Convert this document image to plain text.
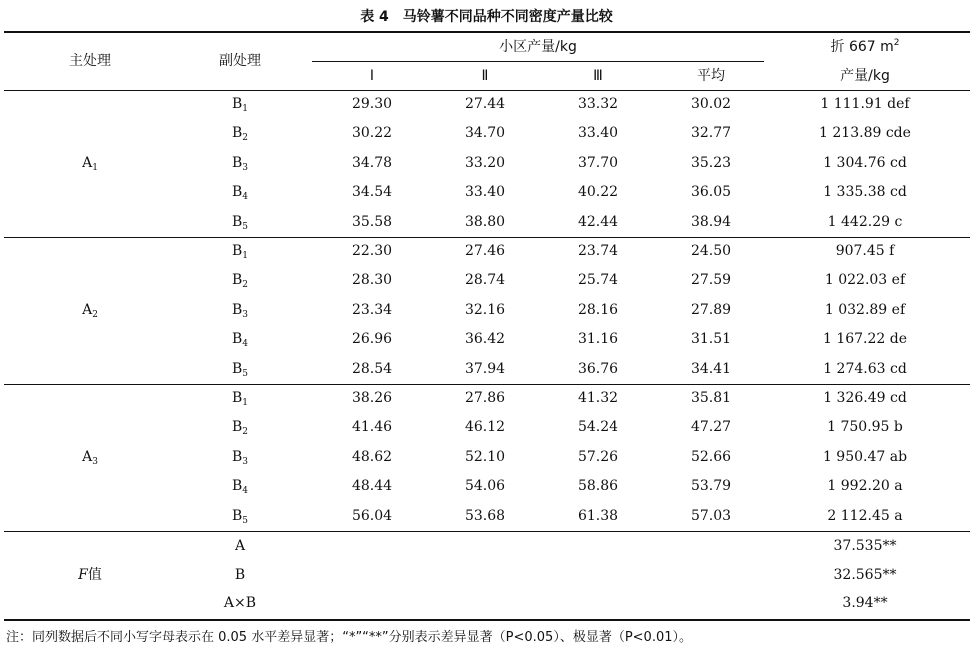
表 4　马铃薯不同品种不同密度产量比较
主处理	副处理
小区产量/kg
Ⅰ	Ⅱ	Ⅲ	平均
折 667 $m^2$
产量/kg
$A_1$
$B_1$	29.30	27.44	33.32	30.02	1 111.91 def
$B_2$	30.22	34.70	33.40	32.77	1 213.89 cde
$B_3$	34.78	33.20	37.70	35.23	1 304.76 cd
$B_4$	34.54	33.40	40.22	36.05	1 335.38 cd
$B_5$	35.58	38.80	42.44	38.94	1 442.29 c
$A_2$
$B_1$	22.30	27.46	23.74	24.50	907.45 f
$B_2$	28.30	28.74	25.74	27.59	1 022.03 ef
$B_3$	23.34	32.16	28.16	27.89	1 032.89 ef
$B_4$	26.96	36.42	31.16	31.51	1 167.22 de
$B_5$	28.54	37.94	36.76	34.41	1 274.63 cd
$A_3$
$B_1$	38.26	27.86	41.32	35.81	1 326.49 cd
$B_2$	41.46	46.12	54.24	47.27	1 750.95 b
$B_3$	48.62	52.10	57.26	52.66	1 950.47 ab
$B_4$	48.44	54.06	58.86	53.79	1 992.20 a
$B_5$	56.04	53.68	61.38	57.03	2 112.45 a
F值
A	37.535**
B	32.565**
A×B	3.94**
注：同列数据后不同小写字母表示在 0.05 水平差异显著；“*”“**”分别表示差异显著（P<0.05）、极显著（P<0.01）。
